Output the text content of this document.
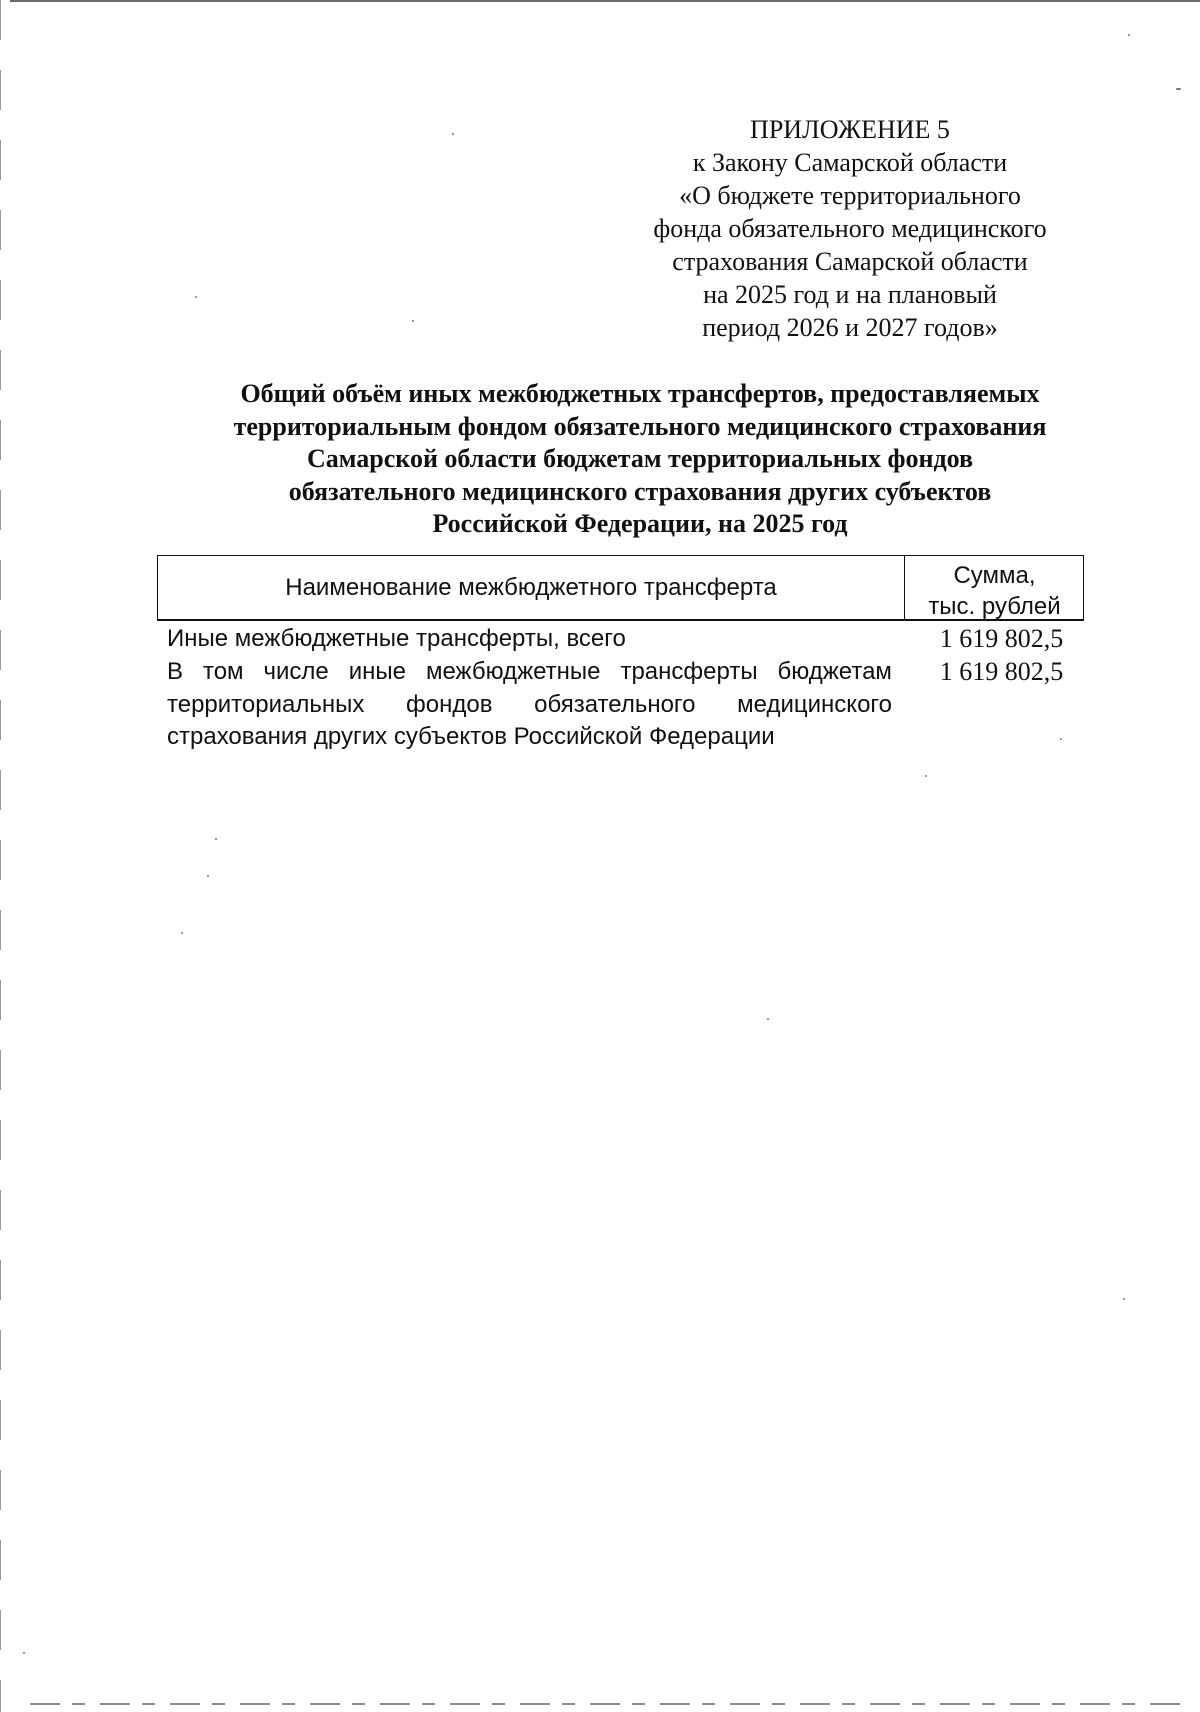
ПРИЛОЖЕНИЕ 5
к Закону Самарской области
«О бюджете территориального
фонда обязательного медицинского
страхования Самарской области
на 2025 год и на плановый
период 2026 и 2027 годов»
Общий объём иных межбюджетных трансфертов, предоставляемых
территориальным фондом обязательного медицинского страхования
Самарской области бюджетам территориальных фондов
обязательного медицинского страхования других субъектов
Российской Федерации, на 2025 год
Наименование межбюджетного трансферта	Сумма,
тыс. рублей
Иные межбюджетные трансферты, всего	1 619 802,5
В том числе иные межбюджетные трансферты бюджетам
территориальных фондов обязательного медицинского
страхования других субъектов Российской Федерации
1 619 802,5
